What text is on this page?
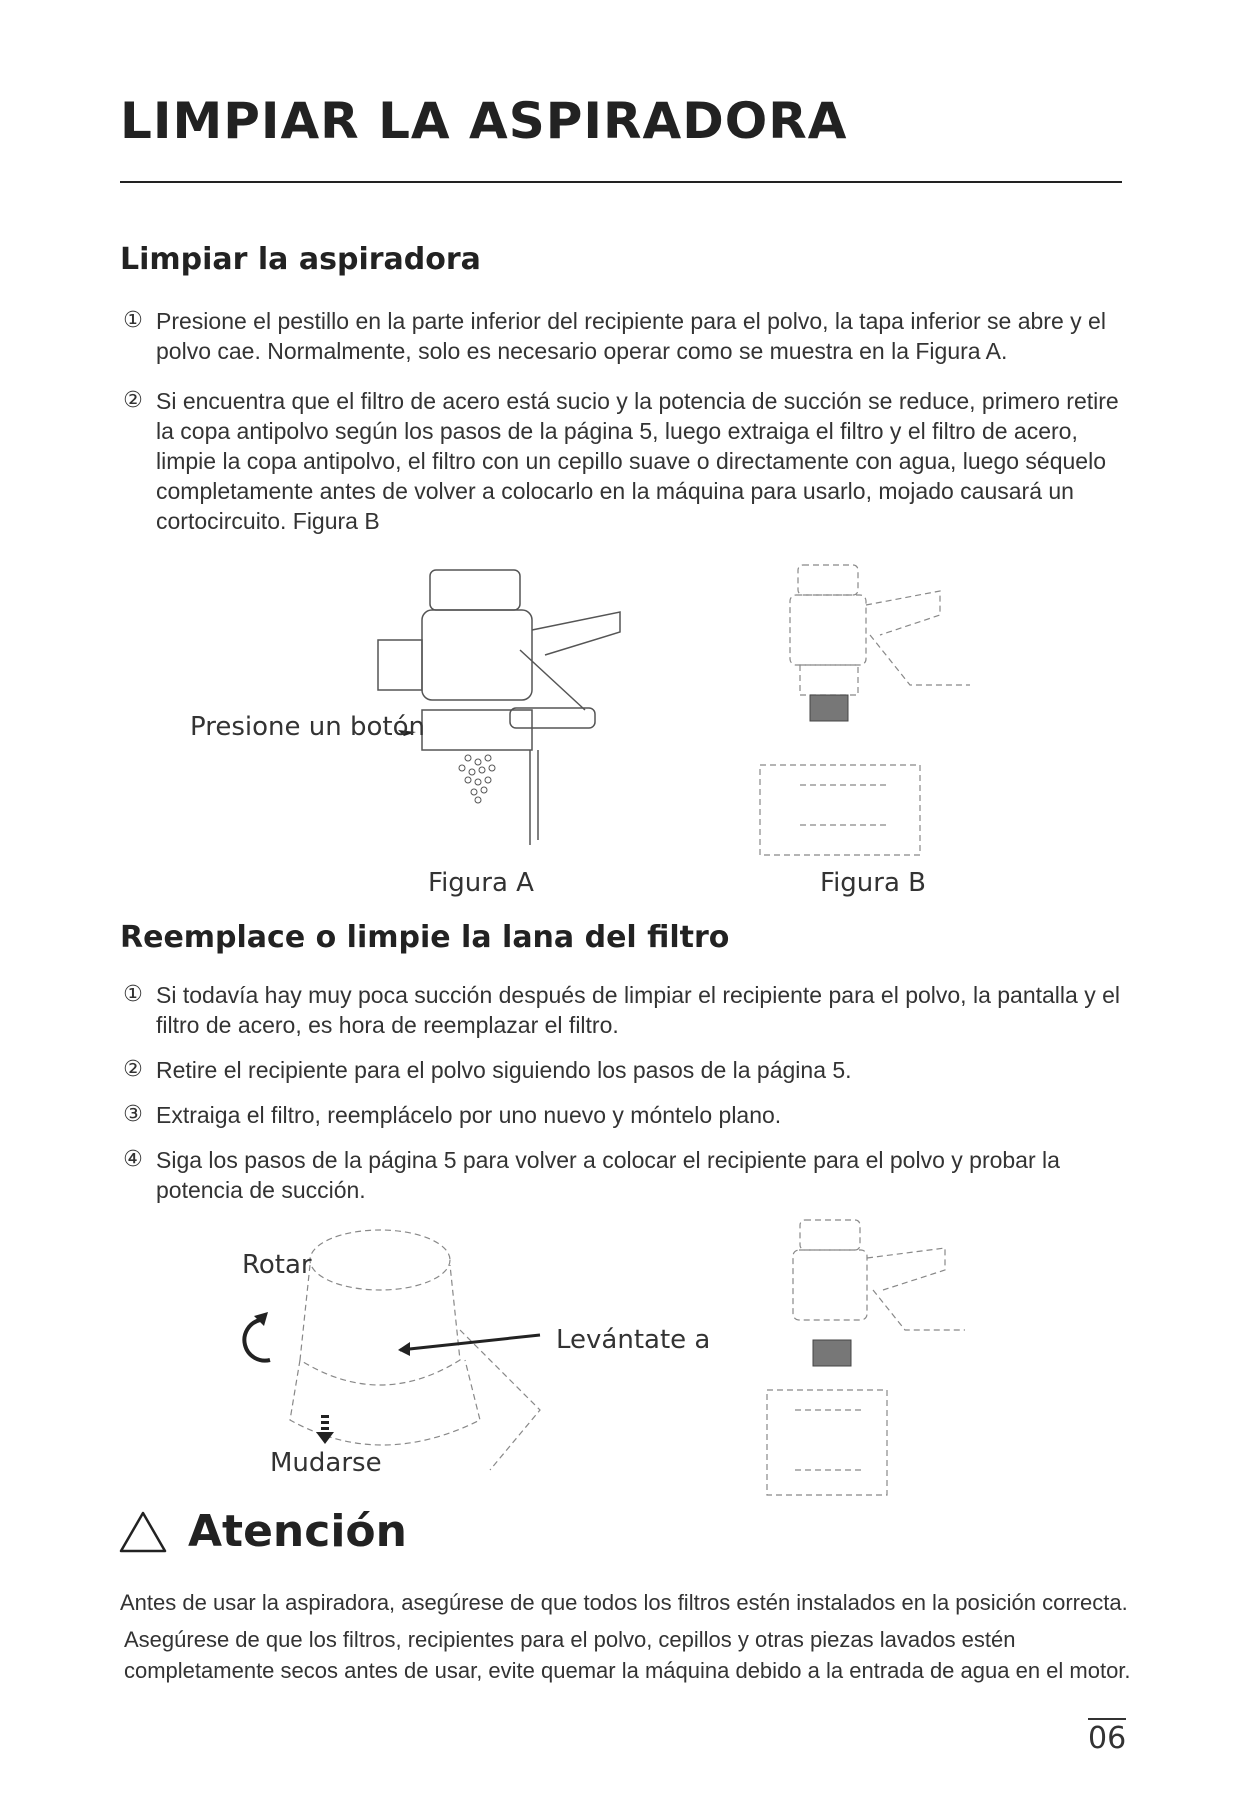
LIMPIAR LA ASPIRADORA
Limpiar la aspiradora
① Presione el pestillo en la parte inferior del recipiente para el polvo, la tapa inferior se abre y el polvo cae. Normalmente, solo es necesario operar como se muestra en la Figura A.
② Si encuentra que el filtro de acero está sucio y la potencia de succión se reduce, primero retire la copa antipolvo según los pasos de la página 5, luego extraiga el filtro y el filtro de acero, limpie la copa antipolvo, el filtro con un cepillo suave o directamente con agua, luego séquelo completamente antes de volver a colocarlo en la máquina para usarlo, mojado causará un cortocircuito. Figura B
Presione un botón
Figura A	Figura B
Reemplace o limpie la lana del filtro
① Si todavía hay muy poca succión después de limpiar el recipiente para el polvo, la pantalla y el filtro de acero, es hora de reemplazar el filtro.
② Retire el recipiente para el polvo siguiendo los pasos de la página 5.
③ Extraiga el filtro, reemplácelo por uno nuevo y móntelo plano.
④ Siga los pasos de la página 5 para volver a colocar el recipiente para el polvo y probar la potencia de succión.
Rotar
Levántate a
Mudarse
Atención
Antes de usar la aspiradora, asegúrese de que todos los filtros estén instalados en la posición correcta.
Asegúrese de que los filtros, recipientes para el polvo, cepillos y otras piezas lavados estén completamente secos antes de usar, evite quemar la máquina debido a la entrada de agua en el motor.
06
